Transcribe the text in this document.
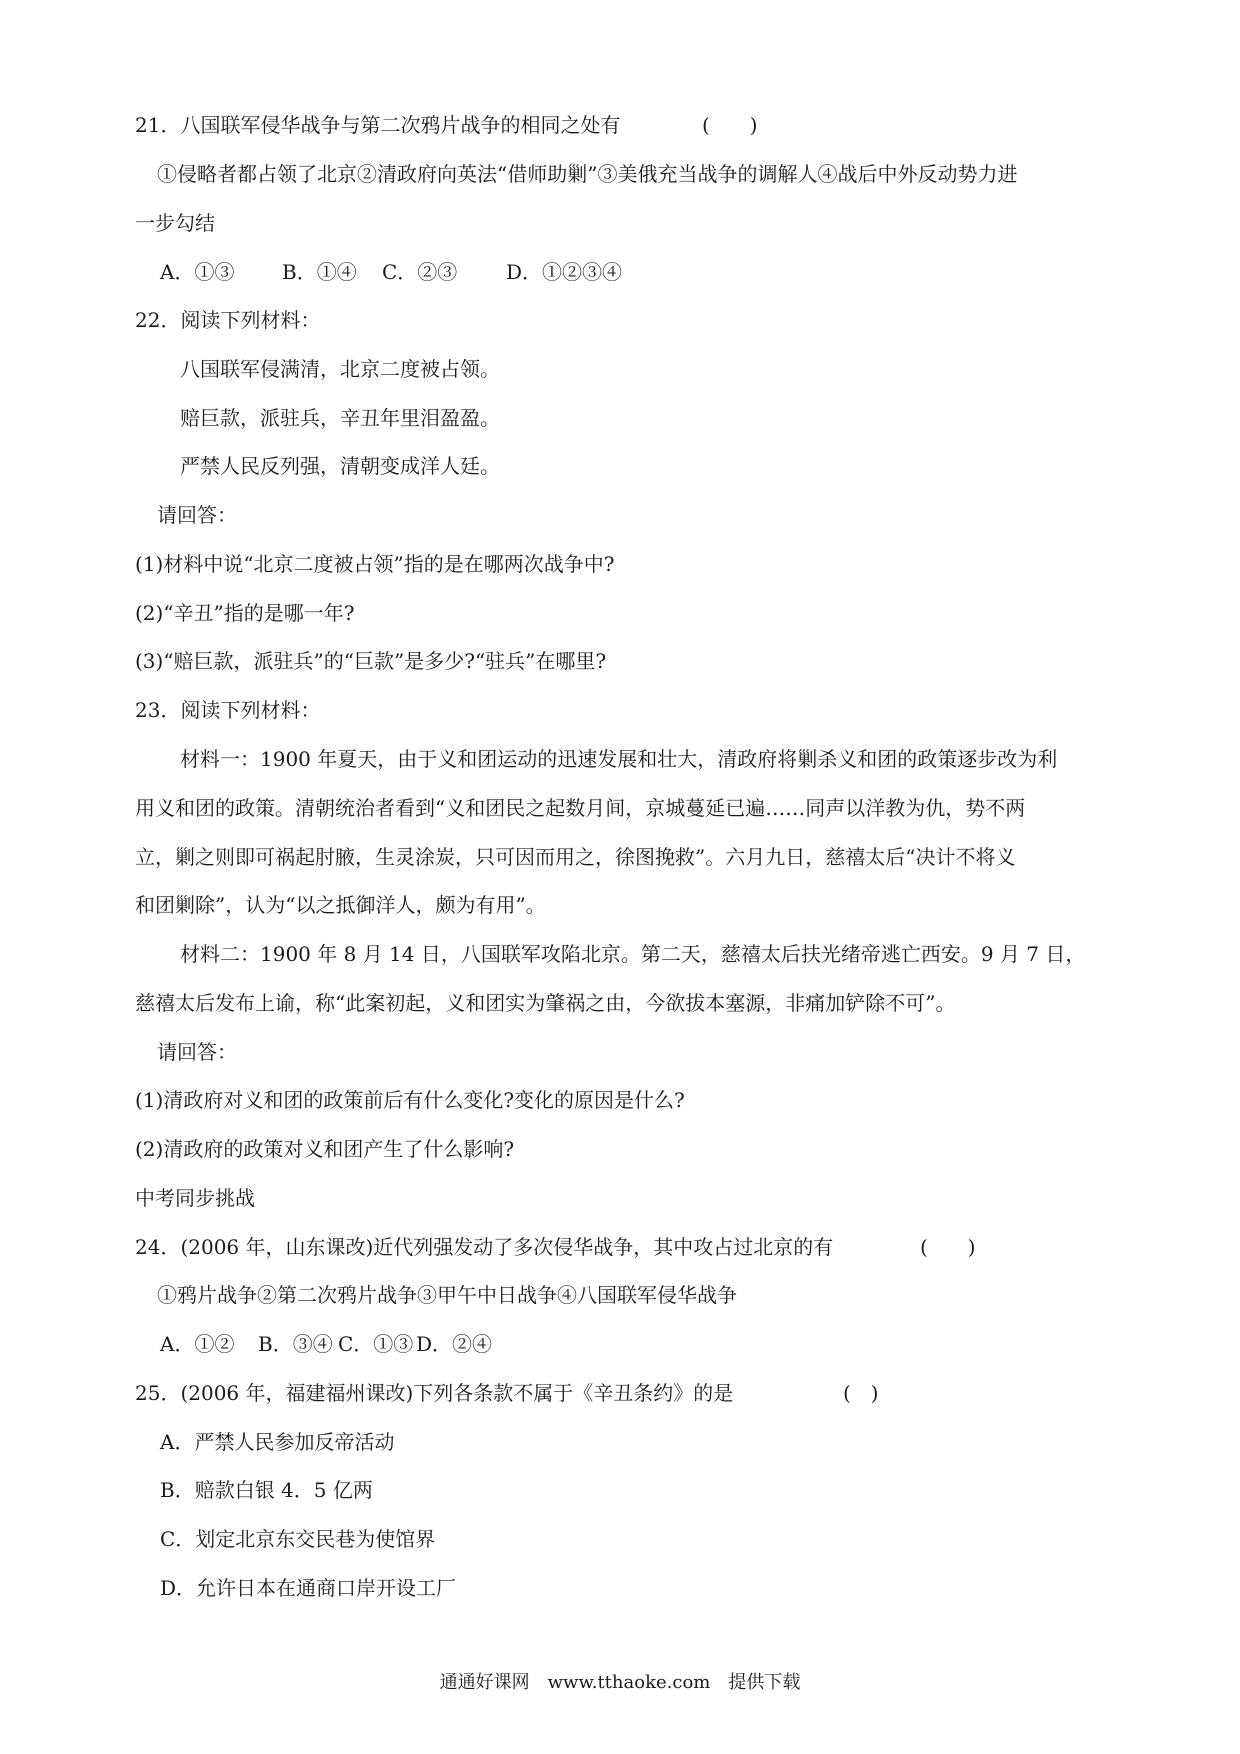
21．八国联军侵华战争与第二次鸦片战争的相同之处有	(　　)

①侵略者都占领了北京②清政府向英法“借师助剿”③美俄充当战争的调解人④战后中外反动势力进

一步勾结

A．①③ B．①④ C．②③ D．①②③④

22．阅读下列材料：

八国联军侵满清，北京二度被占领。

赔巨款，派驻兵，辛丑年里泪盈盈。

严禁人民反列强，清朝变成洋人廷。

请回答：

(1)材料中说“北京二度被占领”指的是在哪两次战争中?

(2)“辛丑”指的是哪一年?

(3)“赔巨款，派驻兵”的“巨款”是多少?“驻兵”在哪里?

23．阅读下列材料：

材料一：1900 年夏天，由于义和团运动的迅速发展和壮大，清政府将剿杀义和团的政策逐步改为利

用义和团的政策。清朝统治者看到“义和团民之起数月间，京城蔓延已遍……同声以洋教为仇，势不两

立，剿之则即可祸起肘腋，生灵涂炭，只可因而用之，徐图挽救”。六月九日，慈禧太后“决计不将义

和团剿除”，认为“以之抵御洋人，颇为有用”。

材料二：1900 年 8 月 14 日，八国联军攻陷北京。第二天，慈禧太后扶光绪帝逃亡西安。9 月 7 日，

慈禧太后发布上谕，称“此案初起，义和团实为肇祸之由，今欲拔本塞源，非痛加铲除不可”。

请回答：

(1)清政府对义和团的政策前后有什么变化?变化的原因是什么?

(2)清政府的政策对义和团产生了什么影响?

中考同步挑战

24．(2006 年，山东课改)近代列强发动了多次侵华战争，其中攻占过北京的有	(　　)

①鸦片战争②第二次鸦片战争③甲午中日战争④八国联军侵华战争

A．①② B．③④ C．①③ D．②④

25．(2006 年，福建福州课改)下列各条款不属于《辛丑条约》的是	(　)

A．严禁人民参加反帝活动

B．赔款白银 4．5 亿两

C．划定北京东交民巷为使馆界

D．允许日本在通商口岸开设工厂

通通好课网　www.tthaoke.com　提供下载
